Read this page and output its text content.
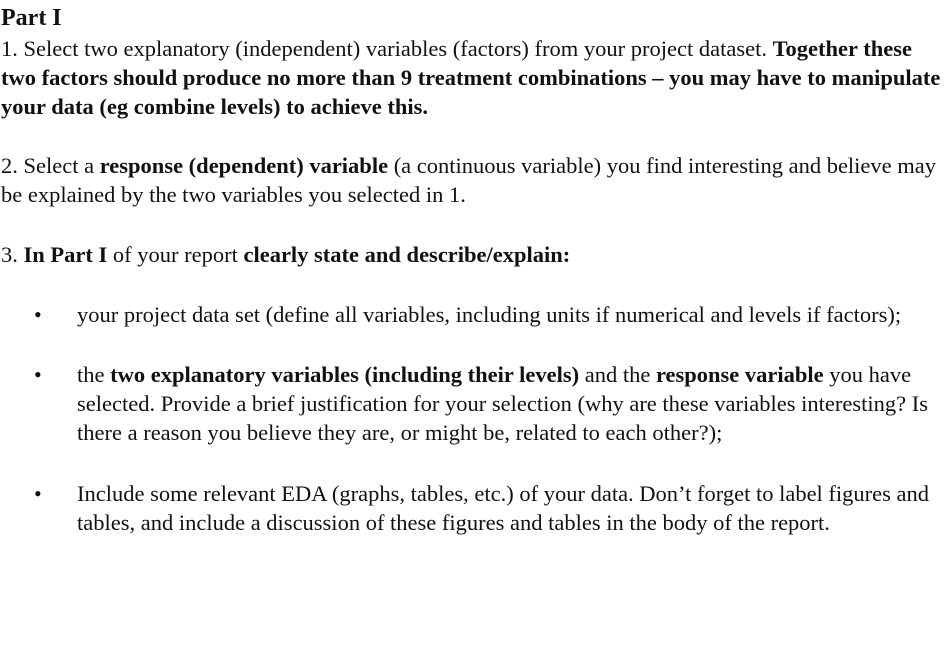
Part I

1. Select two explanatory (independent) variables (factors) from your project dataset. Together these two factors should produce no more than 9 treatment combinations – you may have to manipulate your data (eg combine levels) to achieve this.

2. Select a response (dependent) variable (a continuous variable) you find interesting and believe may be explained by the two variables you selected in 1.

3. In Part I of your report clearly state and describe/explain:

• your project data set (define all variables, including units if numerical and levels if factors);
• the two explanatory variables (including their levels) and the response variable you have selected. Provide a brief justification for your selection (why are these variables interesting? Is there a reason you believe they are, or might be, related to each other?);
• Include some relevant EDA (graphs, tables, etc.) of your data. Don’t forget to label figures and tables, and include a discussion of these figures and tables in the body of the report.
